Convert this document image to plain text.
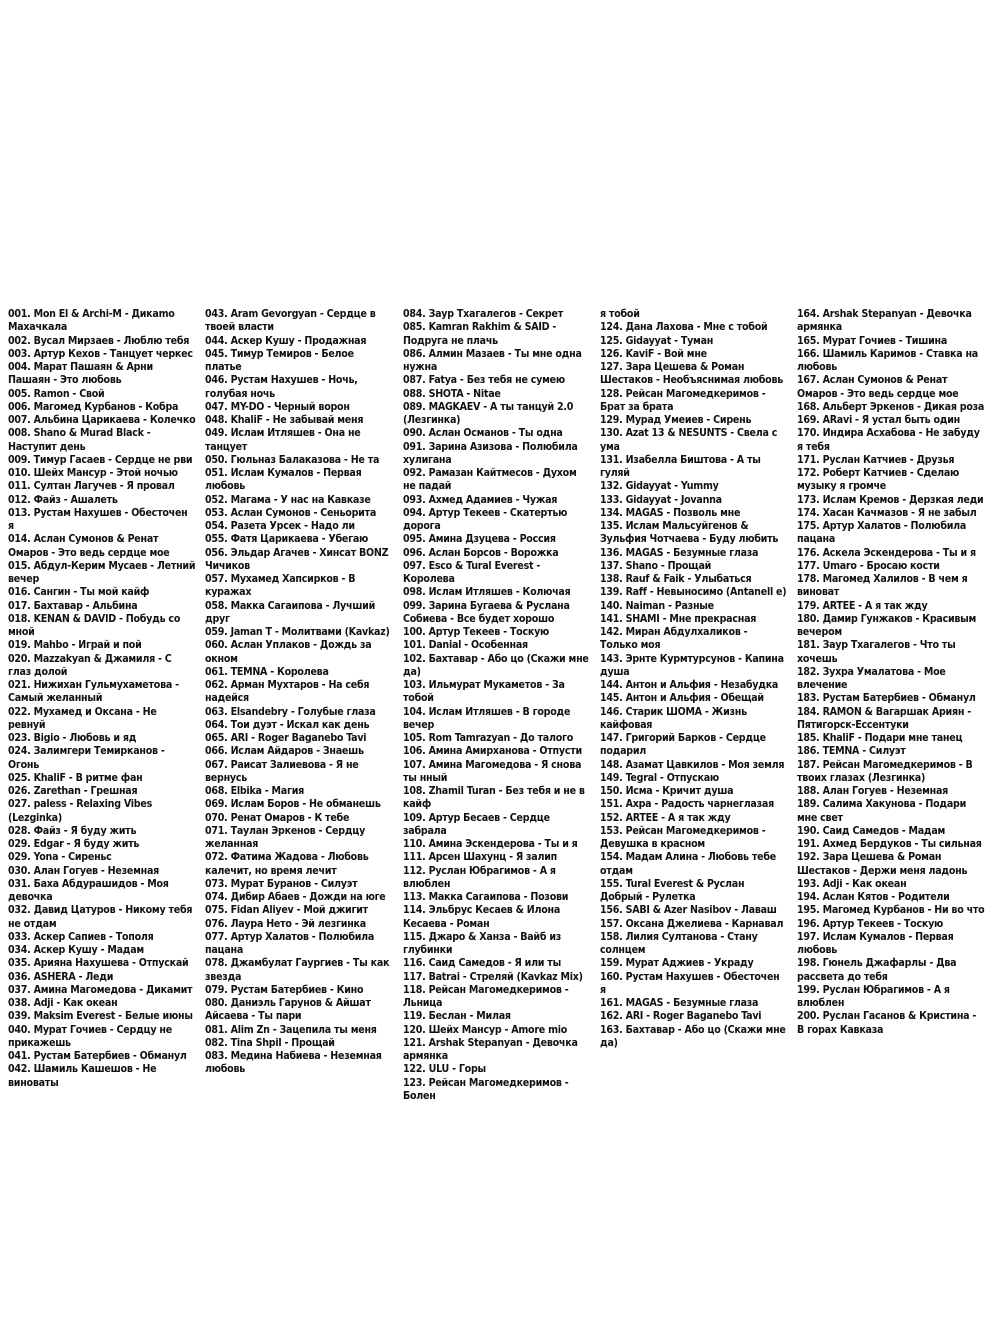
001. Mon El & Archi-M - Дикаmo Махачкала
002. Вусал Мирзаев - Люблю тебя
003. Артур Кехов - Танцует черкес
004. Марат Пашаян & Арни Пашаян - Это любовь
005. Ramon - Свой
006. Магомед Курбанов - Кобра
007. Альбина Царикаева - Колечко
008. Shano & Murad Black - Наступит день
009. Тимур Гасаев - Сердце не рви
010. Шейх Мансур - Этой ночью
011. Султан Лагучев - Я провал
012. Файз - Ашалеть
013. Рустам Нахушев - Обесточен я
014. Аслан Сумонов & Ренат Омаров - Это ведь сердце мое
015. Абдул-Керим Мусаев - Летний вечер
016. Сангин - Ты мой кайф
017. Бахтавар - Альбина
018. KENAN & DAVID - Побудь со мной
019. Mahbo - Играй и пой
020. Mazzakyan & Джамиля - С глаз долой
021. Нижихан Гульмухаметова - Самый желанный
022. Мухамед и Оксана - Не ревнуй
023. Bigio - Любовь и яд
024. Залимгери Темирканов - Огонь
025. KhaliF - В ритме фан
026. Zarethan - Грешная
027. paless - Relaxing Vibes (Lezginka)
028. Файз - Я буду жить
029. Edgar - Я буду жить
029. Yona - Сиреньс
030. Алан Гогуев - Неземная
031. Баха Абдурашидов - Моя девочка
032. Давид Цатуров - Никому тебя не отдам
033. Аскер Сапиев - Тополя
034. Аскер Кушу - Мадам
035. Арияна Нахушева - Отпускай
036. ASHERA - Леди
037. Амина Магомедова - Дикамит
038. Adji - Как океан
039. Maksim Everest - Белые июны
040. Мурат Гочиев - Сердцу не прикажешь
041. Рустам Батербиев - Обманул
042. Шамиль Кашешов - Не виноваты
043. Aram Gevorgyan - Сердце в твоей власти
044. Аскер Кушу - Продажная
045. Тимур Темиров - Белое платье
046. Рустам Нахушев - Ночь, голубая ночь
047. MY-DO - Черный ворон
048. KhaliF - Не забывай меня
049. Ислам Итляшев - Она не танцует
050. Гюльназ Балаказова - Не та
051. Ислам Кумалов - Первая любовь
052. Магама - У нас на Кавказе
053. Аслан Сумонов - Сеньорита
054. Разета Урсек - Надо ли
055. Фатя Царикаева - Убегаю
056. Эльдар Агачев - Хинсат BONZ Чичиков
057. Мухамед Хапсирков - В куражах
058. Макка Сагаипова - Лучший друг
059. Jaman T - Молитвами (Kavkaz)
060. Аслан Уплаков - Дождь за окном
061. TEMNA - Королева
062. Арман Мухтаров - На себя надейся
063. Elsandebry - Голубые глаза
064. Тои дуэт - Искал как день
065. ARI - Roger Baganebo Tavi
066. Ислам Айдаров - Знаешь
067. Раисат Залиевова - Я не вернусь
068. Elbika - Магия
069. Ислам Боров - Не обманешь
070. Ренат Омаров - К тебе
071. Таулан Эркенов - Сердцу желанная
072. Фатима Жадова - Любовь калечит, но время лечит
073. Мурат Буранов - Силуэт
074. Дибир Абаев - Дожди на юге
075. Fidan Aliyev - Мой джигит
076. Лаура Нето - Эй лезгинка
077. Артур Халатов - Полюбила пацана
078. Джамбулат Гаургиев - Ты как звезда
079. Рустам Батербиев - Кино
080. Даниэль Гарунов & Айшат Айсаева - Ты пари
081. Alim Zn - Зацепила ты меня
082. Tina Shpil - Прощай
083. Медина Набиева - Неземная любовь
084. Заур Тхагалегов - Секрет
085. Kamran Rakhim & SAID - Подруга не плачь
086. Алмин Мазаев - Ты мне одна нужна
087. Fatya - Без тебя не сумею
088. SHOTA - Nitae
089. MAGKAEV - А ты танцуй 2.0 (Лезгинка)
090. Аслан Османов - Ты одна
091. Зарина Азизова - Полюбила хулигана
092. Рамазан Кайтмесов - Духом не падай
093. Ахмед Адамиев - Чужая
094. Артур Текеев - Скатертью дорога
095. Амина Дзуцева - Россия
096. Аслан Борсов - Ворожка
097. Esco & Tural Everest - Королева
098. Ислам Итляшев - Колючая
099. Зарина Бугаева & Руслана Собиева - Все будет хорошо
100. Артур Текеев - Тоскую
101. Danial - Особенная
102. Бахтавар - Або цо (Скажи мне да)
103. Ильмурат Мукаметов - За тобой
104. Ислам Итляшев - В городе вечер
105. Rom Tamrazyan - До талого
106. Амина Амирханова - Отпусти
107. Амина Магомедова - Я снова ты нный
108. Zhamil Turan - Без тебя и не в кайф
109. Артур Бесаев - Сердце забрала
110. Амина Эскендерова - Ты и я
111. Арсен Шахунц - Я залип
112. Руслан Юбрагимов - А я влюблен
113. Макка Сагаипова - Позови
114. Эльбрус Кесаев & Илона Кесаева - Роман
115. Джаро & Ханза - Вайб из глубинки
116. Саид Самедов - Я или ты
117. Batrai - Стреляй (Kavkaz Mix)
118. Рейсан Магомедкеримов - Льница
119. Беслан - Милая
120. Шейх Мансур - Amore mio
121. Arshak Stepanyan - Девочка армянка
122. ULU - Горы
123. Рейсан Магомедкеримов - Болен
я тобой
124. Дана Лахова - Мне с тобой
125. Gidayyat - Туман
126. KaviF - Вой мне
127. Зара Цешева & Роман Шестаков - Необъяснимая любовь
128. Рейсан Магомедкеримов - Брат за брата
129. Мурад Умеиев - Сирень
130. Azat 13 & NESUNTS - Свела с ума
131. Изабелла Биштова - А ты гуляй
132. Gidayyat - Yummy
133. Gidayyat - Jovanna
134. MAGAS - Позволь мне
135. Ислам Мальсуйгенов & Зульфия Чотчаева - Буду любить
136. MAGAS - Безумные глаза
137. Shano - Прощай
138. Rauf & Faik - Улыбаться
139. Raff - Невыносимо (Antanell e)
140. Naiman - Разные
141. SHAMI - Мне прекрасная
142. Миран Абдулхаликов - Только моя
143. Эрнте Курмтурсунов - Капина душа
144. Антон и Альфия - Незабудка
145. Антон и Альфия - Обещай
146. Старик ШОМА - Жизнь кайфовая
147. Григорий Барков - Сердце подарил
148. Азамат Цавкилов - Моя земля
149. Tegral - Отпускаю
150. Исма - Кричит душа
151. Ахра - Радость чарнеглазая
152. ARTEE - А я так жду
153. Рейсан Магомедкеримов - Девушка в красном
154. Мадам Алина - Любовь тебе отдам
155. Tural Everest & Руслан Добрый - Рулетка
156. SABI & Azer Nasibov - Лаваш
157. Оксана Джелиева - Карнавал
158. Лилия Султанова - Стану солнцем
159. Мурат Аджиев - Украду
160. Рустам Нахушев - Обесточен я
161. MAGAS - Безумные глаза
162. ARI - Roger Baganebo Tavi
163. Бахтавар - Або цо (Скажи мне да)
164. Arshak Stepanyan - Девочка армянка
165. Мурат Гочиев - Тишина
166. Шамиль Каримов - Ставка на любовь
167. Аслан Сумонов & Ренат Омаров - Это ведь сердце мое
168. Альберт Эркенов - Дикая роза
169. ARavi - Я устал быть один
170. Индира Асхабова - Не забуду я тебя
171. Руслан Катчиев - Друзья
172. Роберт Катчиев - Сделаю музыку я громче
173. Ислам Кремов - Дерзкая леди
174. Хасан Качмазов - Я не забыл
175. Артур Халатов - Полюбила пацана
176. Аскела Эскендерова - Ты и я
177. Umaro - Бросаю кости
178. Магомед Халилов - В чем я виноват
179. ARTEE - А я так жду
180. Дамир Гунжаков - Красивым вечером
181. Заур Тхагалегов - Что ты хочешь
182. Зухра Умалатова - Мое влечение
183. Рустам Батербиев - Обманул
184. RAMON & Вагаршак Ариян - Пятигорск-Ессентуки
185. KhaliF - Подари мне танец
186. TEMNA - Силуэт
187. Рейсан Магомедкеримов - В твоих глазах (Лезгинка)
188. Алан Гогуев - Неземная
189. Салима Хакунова - Подари мне свет
190. Саид Самедов - Мадам
191. Ахмед Бердуков - Ты сильная
192. Зара Цешева & Роман Шестаков - Держи меня ладонь
193. Adji - Как океан
194. Аслан Кятов - Родители
195. Магомед Курбанов - Ни во что
196. Артур Текеев - Тоскую
197. Ислам Кумалов - Первая любовь
198. Гюнель Джафарлы - Два рассвета до тебя
199. Руслан Юбрагимов - А я влюблен
200. Руслан Гасанов & Кристина - В горах Кавказа
